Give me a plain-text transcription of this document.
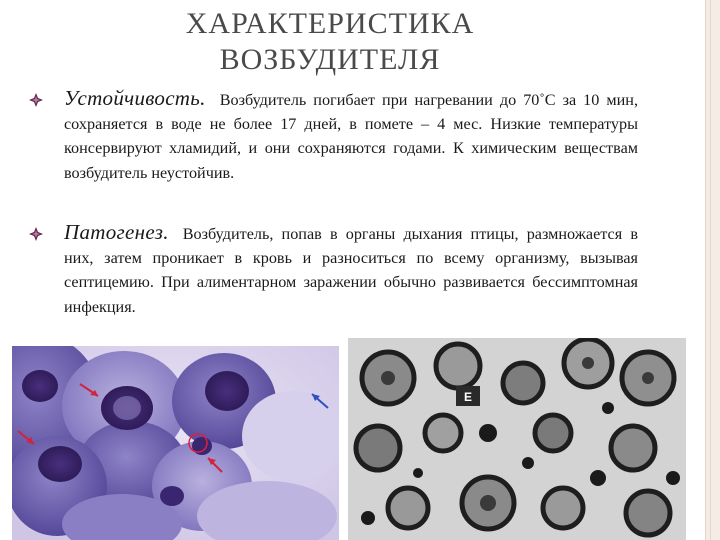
ХАРАКТЕРИСТИКА
ВОЗБУДИТЕЛЯ
Устойчивость. Возбудитель погибает при нагревании до 70˚С за 10 мин, сохраняется в воде не более 17 дней, в помете – 4 мес. Низкие температуры консервируют хламидий, и они сохраняются годами. К химическим веществам возбудитель неустойчив.
Патогенез. Возбудитель, попав в органы дыхания птицы, размножается в них, затем проникает в кровь и разноситься по всему организму, вызывая септицемию. При алиментарном заражении обычно развивается бессимптомная инфекция.
E
